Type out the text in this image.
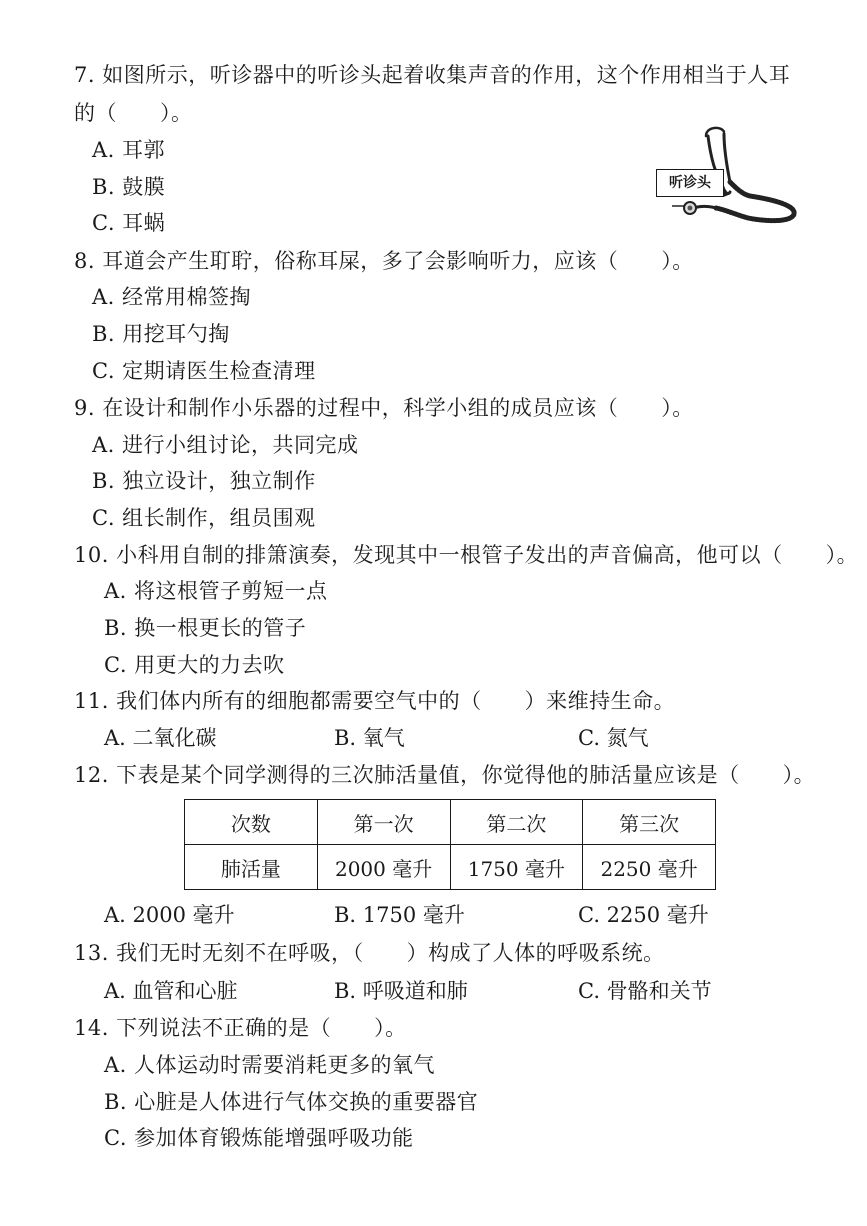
7. 如图所示，听诊器中的听诊头起着收集声音的作用，这个作用相当于人耳
的（　　）。
A. 耳郭
B. 鼓膜
C. 耳蜗
听诊头
8. 耳道会产生耵聍，俗称耳屎，多了会影响听力，应该（　　）。
A. 经常用棉签掏
B. 用挖耳勺掏
C. 定期请医生检查清理
9. 在设计和制作小乐器的过程中，科学小组的成员应该（　　）。
A. 进行小组讨论，共同完成
B. 独立设计，独立制作
C. 组长制作，组员围观
10. 小科用自制的排箫演奏，发现其中一根管子发出的声音偏高，他可以（　　）。
A. 将这根管子剪短一点
B. 换一根更长的管子
C. 用更大的力去吹
11. 我们体内所有的细胞都需要空气中的（　　）来维持生命。
A. 二氧化碳	B. 氧气	C. 氮气
12. 下表是某个同学测得的三次肺活量值，你觉得他的肺活量应该是（　　）。
次数	第一次	第二次	第三次
肺活量	2000 毫升	1750 毫升	2250 毫升
A. 2000 毫升	B. 1750 毫升	C. 2250 毫升
13. 我们无时无刻不在呼吸，（　　）构成了人体的呼吸系统。
A. 血管和心脏	B. 呼吸道和肺	C. 骨骼和关节
14. 下列说法不正确的是（　　）。
A. 人体运动时需要消耗更多的氧气
B. 心脏是人体进行气体交换的重要器官
C. 参加体育锻炼能增强呼吸功能
